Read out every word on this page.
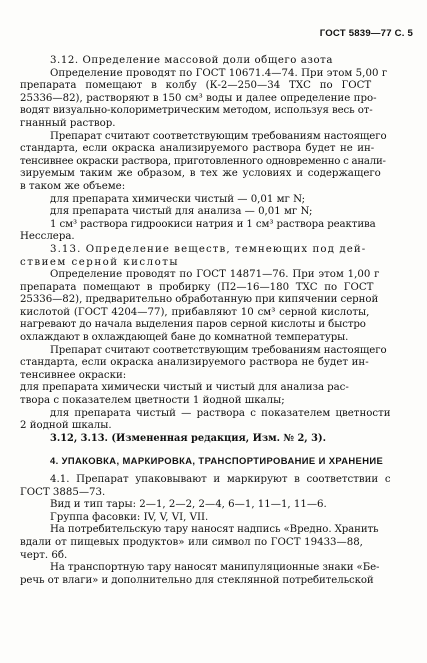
ГОСТ 5839—77 С. 5
3.12. Определение массовой доли общего азота
Определение проводят по ГОСТ 10671.4—74. При этом 5,00 г
препарата помещают в колбу (К-2—250—34 ТХС по ГОСТ
25336—82), растворяют в 150 см³ воды и далее определение про-
водят визуально-колориметрическим методом, используя весь от-
гнанный раствор.
Препарат считают соответствующим требованиям настоящего
стандарта, если окраска анализируемого раствора будет не ин-
тенсивнее окраски раствора, приготовленного одновременно с анали-
зируемым таким же образом, в тех же условиях и содержащего
в таком же объеме:
для препарата химически чистый — 0,01 мг N;
для препарата чистый для анализа — 0,01 мг N;
1 см³ раствора гидроокиси натрия и 1 см³ раствора реактива
Несслера.
3.13. Определение веществ, темнеющих под дей-
ствием серной кислоты
Определение проводят по ГОСТ 14871—76. При этом 1,00 г
препарата помещают в пробирку (П2—16—180 ТХС по ГОСТ
25336—82), предварительно обработанную при кипячении серной
кислотой (ГОСТ 4204—77), прибавляют 10 см³ серной кислоты,
нагревают до начала выделения паров серной кислоты и быстро
охлаждают в охлаждающей бане до комнатной температуры.
Препарат считают соответствующим требованиям настоящего
стандарта, если окраска анализируемого раствора не будет ин-
тенсивнее окраски:
для препарата химически чистый и чистый для анализа рас-
твора с показателем цветности 1 йодной шкалы;
для препарата чистый — раствора с показателем цветности
2 йодной шкалы.
3.12, 3.13. (Измененная редакция, Изм. № 2, 3).
4. УПАКОВКА, МАРКИРОВКА, ТРАНСПОРТИРОВАНИЕ И ХРАНЕНИЕ
4.1. Препарат упаковывают и маркируют в соответствии с
ГОСТ 3885—73.
Вид и тип тары: 2—1, 2—2, 2—4, 6—1, 11—1, 11—6.
Группа фасовки: IV, V, VI, VII.
На потребительскую тару наносят надпись «Вредно. Хранить
вдали от пищевых продуктов» или символ по ГОСТ 19433—88,
черт. 6б.
На транспортную тару наносят манипуляционные знаки «Бе-
речь от влаги» и дополнительно для стеклянной потребительской
